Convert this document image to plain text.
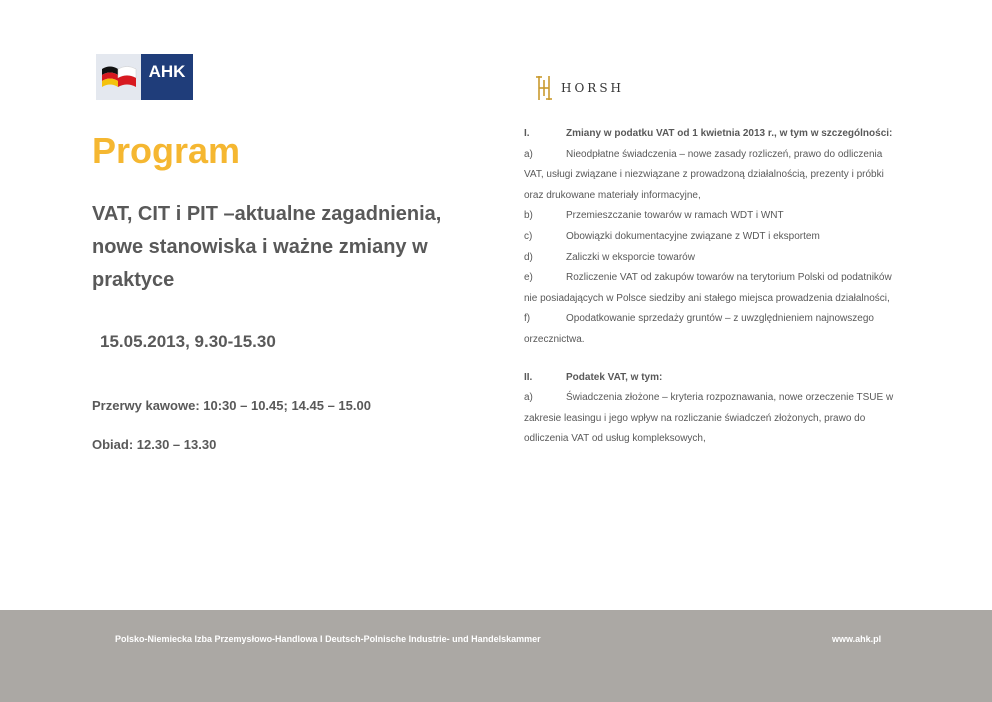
AHK
HORSH
Program
VAT, CIT i PIT –aktualne zagadnienia, nowe stanowiska i ważne zmiany w praktyce
15.05.2013, 9.30-15.30
Przerwy kawowe: 10:30 – 10.45; 14.45 – 15.00
Obiad: 12.30 – 13.30
I.	Zmiany w podatku VAT od 1 kwietnia 2013 r., w tym w szczególności:
a)	Nieodpłatne świadczenia – nowe zasady rozliczeń, prawo do odliczenia VAT, usługi związane i niezwiązane z prowadzoną działalnością, prezenty i próbki oraz drukowane materiały informacyjne,
b)	Przemieszczanie towarów w ramach WDT i WNT
c)	Obowiązki dokumentacyjne związane z WDT i eksportem
d)	Zaliczki w eksporcie towarów
e)	Rozliczenie VAT od zakupów towarów na terytorium Polski od podatników nie posiadających w Polsce siedziby ani stałego miejsca prowadzenia działalności,
f)	Opodatkowanie sprzedaży gruntów – z uwzględnieniem najnowszego orzecznictwa.
II.	Podatek VAT, w tym:
a)	Świadczenia złożone – kryteria rozpoznawania, nowe orzeczenie TSUE w zakresie leasingu i jego wpływ na rozliczanie świadczeń złożonych, prawo do odliczenia VAT od usług kompleksowych,
Polsko-Niemiecka Izba Przemysłowo-Handlowa I Deutsch-Polnische Industrie- und Handelskammer	www.ahk.pl
